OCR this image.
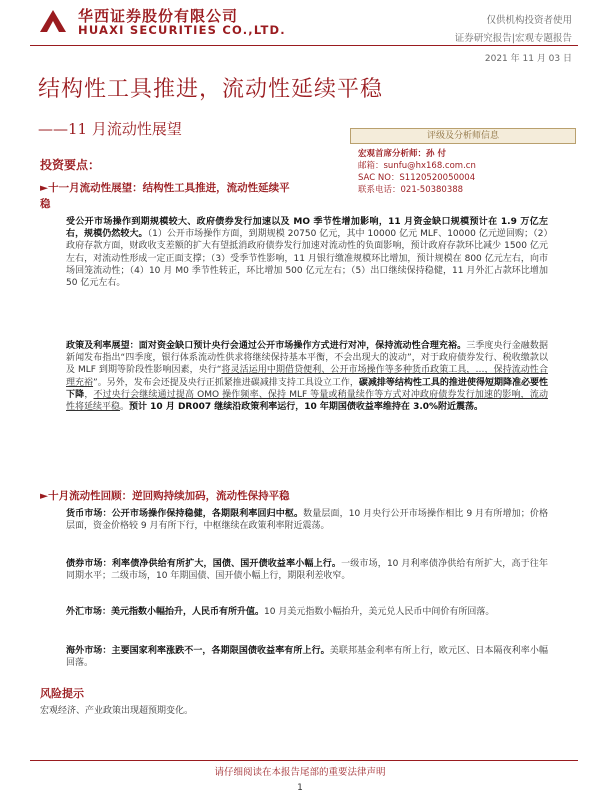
华西证券股份有限公司
HUAXI SECURITIES CO.,LTD.
仅供机构投资者使用
证券研究报告|宏观专题报告
2021 年 11 月 03 日
结构性工具推进，流动性延续平稳
——11 月流动性展望	评级及分析师信息
宏观首席分析师：孙 付
邮箱：sunfu@hx168.com.cn
SAC NO：S1120520050004
联系电话：021-50380388
投资要点：
►十一月流动性展望：结构性工具推进，流动性延续平
稳
受公开市场操作到期规模较大、政府债券发行加速以及 MO 季节性增加影响，11 月资金缺口规模预计在 1.9 万亿左右，规模仍然较大。（1）公开市场操作方面，到期规模 20750 亿元，其中 10000 亿元 MLF、10000 亿元逆回购；（2）政府存款方面，财政收支差额的扩大有望抵消政府债券发行加速对流动性的负面影响，预计政府存款环比减少 1500 亿元左右，对流动性形成一定正面支撑；（3）受季节性影响，11 月银行缴准规模环比增加，预计规模在 800 亿元左右，向市场回笼流动性；（4）10 月 M0 季节性转正，环比增加 500 亿元左右；（5）出口继续保持稳健，11 月外汇占款环比增加 50 亿元左右。
政策及利率展望：面对资金缺口预计央行会通过公开市场操作方式进行对冲，保持流动性合理充裕。三季度央行金融数据新闻发布指出“四季度，银行体系流动性供求将继续保持基本平衡，不会出现大的波动”，对于政府债券发行、税收缴款以及 MLF 到期等阶段性影响因素，央行“将灵活运用中期借贷便利、公开市场操作等多种货币政策工具，…，保持流动性合理充裕”。另外，发布会还提及央行正抓紧推进碳减排支持工具设立工作，碳减排等结构性工具的推进使得短期降准必要性下降，不过央行会继续通过提高 OMO 操作频率、保持 MLF 等量或稍量续作等方式对冲政府债券发行加速的影响，流动性将延续平稳。预计 10 月 DR007 继续沿政策利率运行，10 年期国债收益率维持在 3.0%附近震荡。
►十月流动性回顾：逆回购持续加码，流动性保持平稳
货币市场：公开市场操作保持稳健，各期限利率回归中枢。数量层面，10 月央行公开市场操作相比 9 月有所增加；价格层面，资金价格较 9 月有所下行，中枢继续在政策利率附近震荡。
债券市场：利率债净供给有所扩大，国债、国开债收益率小幅上行。一级市场，10 月利率债净供给有所扩大，高于往年同期水平；二级市场，10 年期国债、国开债小幅上行，期限利差收窄。
外汇市场：美元指数小幅抬升，人民币有所升值。10 月美元指数小幅抬升，美元兑人民币中间价有所回落。
海外市场：主要国家利率涨跌不一，各期限国债收益率有所上行。美联邦基金利率有所上行，欧元区、日本隔夜利率小幅回落。
风险提示
宏观经济、产业政策出现超预期变化。
请仔细阅读在本报告尾部的重要法律声明
1
